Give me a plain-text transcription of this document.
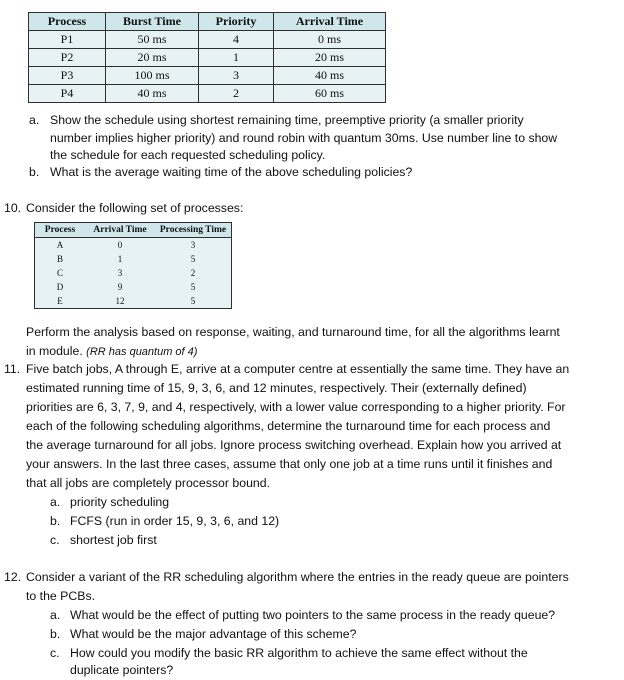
Process	Burst Time	Priority	Arrival Time
P1	50 ms	4	0 ms
P2	20 ms	1	20 ms
P3	100 ms	3	40 ms
P4	40 ms	2	60 ms
a. Show the schedule using shortest remaining time, preemptive priority (a smaller priority
number implies higher priority) and round robin with quantum 30ms. Use number line to show
the schedule for each requested scheduling policy.
b. What is the average waiting time of the above scheduling policies?
10. Consider the following set of processes:
Process	Arrival Time	Processing Time
A	0	3
B	1	5
C	3	2
D	9	5
E	12	5
Perform the analysis based on response, waiting, and turnaround time, for all the algorithms learnt
in module. (RR has quantum of 4)
11. Five batch jobs, A through E, arrive at a computer centre at essentially the same time. They have an
estimated running time of 15, 9, 3, 6, and 12 minutes, respectively. Their (externally defined)
priorities are 6, 3, 7, 9, and 4, respectively, with a lower value corresponding to a higher priority. For
each of the following scheduling algorithms, determine the turnaround time for each process and
the average turnaround for all jobs. Ignore process switching overhead. Explain how you arrived at
your answers. In the last three cases, assume that only one job at a time runs until it finishes and
that all jobs are completely processor bound.
a. priority scheduling
b. FCFS (run in order 15, 9, 3, 6, and 12)
c. shortest job first
12. Consider a variant of the RR scheduling algorithm where the entries in the ready queue are pointers
to the PCBs.
a. What would be the effect of putting two pointers to the same process in the ready queue?
b. What would be the major advantage of this scheme?
c. How could you modify the basic RR algorithm to achieve the same effect without the
duplicate pointers?
